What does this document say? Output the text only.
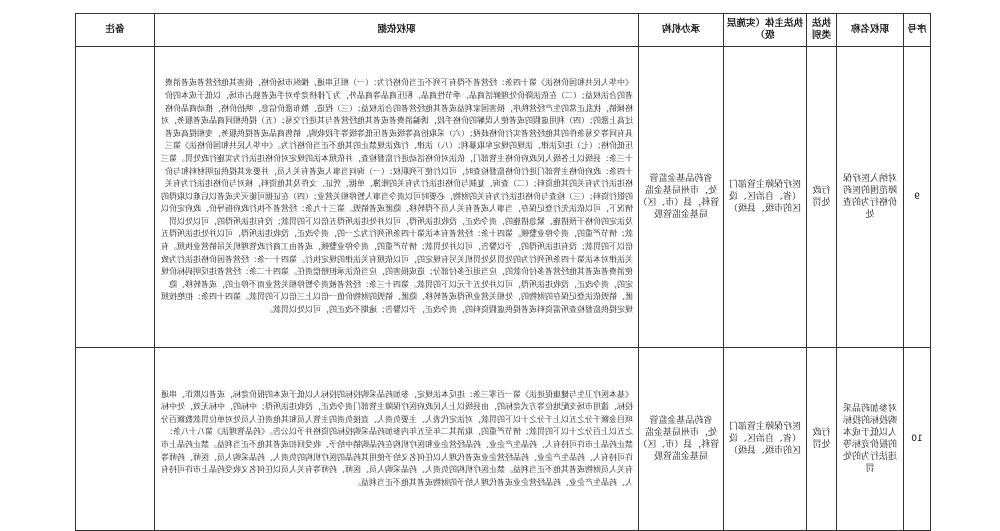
序号	职权名称	执法类别	执法主体（实施层级）	承办机构	职权依据	备注
9	对纳入医疗保障范围的医药价格行为的查处	行政处罚	医疗保障主管部门（省、自治区、设区的市级、县级）	省药品基金监管处，市州局基金监管科，县（市、区）局基金监管股	《中华人民共和国价格法》第十四条：经营者不得有下列不正当价格行为：（一）相互串通，操纵市场价格，损害其他经营者或者消费者的合法权益；（二）在依法降价处理鲜活商品、季节性商品、积压商品等商品外，为了排挤竞争对手或者独占市场，以低于成本的价格倾销，扰乱正常的生产经营秩序，损害国家利益或者其他经营者的合法权益；（三）捏造、散布涨价信息，哄抬价格，推动商品价格过高上涨的；（四）利用虚假的或者使人误解的价格手段，诱骗消费者或者其他经营者与其进行交易；（五）提供相同商品或者服务，对具有同等交易条件的其他经营者实行价格歧视；（六）采取抬高等级或者压低等级等手段收购、销售商品或者提供服务，变相提高或者压低价格；（七）违反法律、法规的规定牟取暴利；（八）法律、行政法规禁止的其他不正当价格行为。《中华人民共和国价格法》第三十三条：县级以上各级人民政府价格主管部门，依法对价格活动进行监督检查，并依照本法的规定对价格违法行为实施行政处罚。第三十四条：政府价格主管部门进行价格监督检查时，可以行使下列职权：（一）询问当事人或者有关人员，并要求其提供证明材料和与价格违法行为有关的其他资料；（二）查询、复制与价格违法行为有关的账簿、单据、凭证、文件及其他资料，核对与价格违法行为有关的银行资料；（三）检查与价格违法行为有关的财物，必要时可以责令当事人暂停相关营业；（四）在证据可能灭失或者以后难以取得的情况下，可以依法先行登记保存，当事人或者有关人员不得转移、隐匿或者销毁。第三十九条：经营者不执行政府指导价、政府定价以及法定的价格干预措施、紧急措施的，责令改正，没收违法所得，可以并处违法所得五倍以下的罚款；没有违法所得的，可以处以罚款；情节严重的，责令停业整顿。第四十条：经营者有本法第十四条所列行为之一的，责令改正，没收违法所得，可以并处违法所得五倍以下的罚款；没有违法所得的，予以警告，可以并处罚款；情节严重的，责令停业整顿，或者由工商行政管理机关吊销营业执照。有关法律对本法第十四条所列行为的处罚及处罚机关另有规定的，可以依照有关法律的规定执行。第四十一条：经营者因价格违法行为致使消费者或者其他经营者多付价款的，应当退还多付部分；造成损害的，应当依法承担赔偿责任。第四十二条：经营者违反明码标价规定的，责令改正，没收违法所得，可以并处五千元以下的罚款。第四十三条：经营者被责令暂停相关营业而不停止的，或者转移、隐匿、销毁依法登记保存的财物的，处相关营业所得或者转移、隐匿、销毁的财物价值一倍以上三倍以下的罚款。第四十四条：拒绝按照规定提供监督检查所需资料或者提供虚假资料的，责令改正，予以警告；逾期不改正的，可以处以罚款。	
10	对参加药品采购投标的投标人以低于成本的报价竞标等违法行为的处罚	行政处罚	医疗保障主管部门（省、自治区、设区的市级、县级）	省药品基金监管处，市州局基金监管科，县（市、区）局基金监管股	《基本医疗卫生与健康促进法》第一百零三条：违反本法规定，参加药品采购投标的投标人以低于成本的报价竞标，或者以欺诈、串通投标、滥用市场支配地位等方式竞标的，由县级以上人民政府医疗保障主管部门责令改正，没收违法所得；中标的，中标无效，处中标项目金额千分之五以上千分之十以下的罚款，对法定代表人、主要负责人、直接负责的主管人员和其他责任人员处对单位罚款数额百分之五以上百分之十以下的罚款；情节严重的，取消其二年至五年内参加药品采购投标的资格并予以公告。《药品管理法》第八十八条：禁止药品上市许可持有人、药品生产企业、药品经营企业和医疗机构在药品购销中给予、收受回扣或者其他不正当利益。禁止药品上市许可持有人、药品生产企业、药品经营企业或者代理人以任何名义给予使用其药品的医疗机构的负责人、药品采购人员、医师、药师等有关人员财物或者其他不正当利益。禁止医疗机构的负责人、药品采购人员、医师、药师等有关人员以任何名义收受药品上市许可持有人、药品生产企业、药品经营企业或者代理人给予的财物或者其他不正当利益。	
